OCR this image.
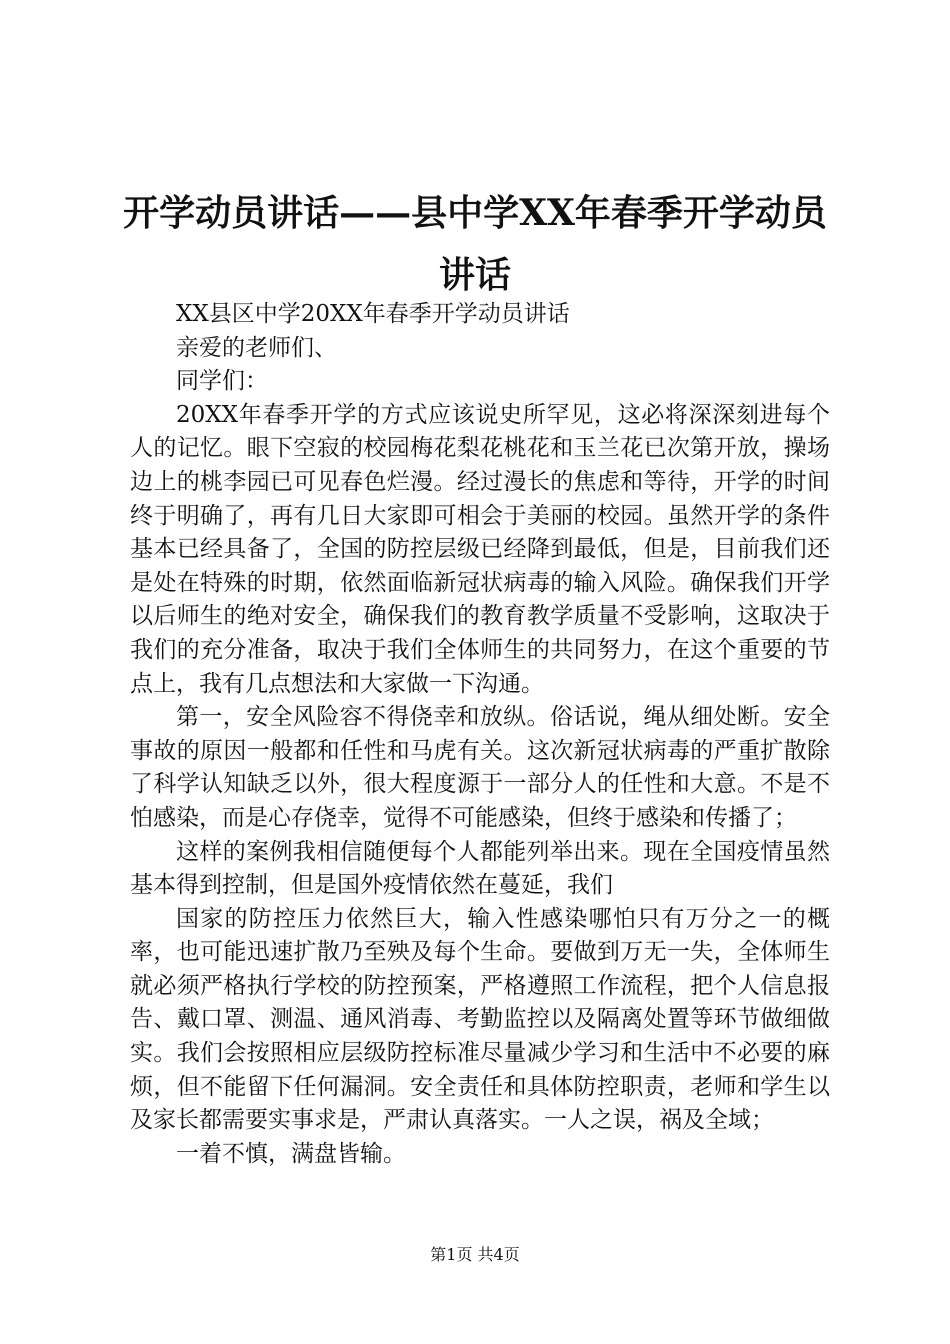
开学动员讲话——县中学XX年春季开学动员讲话

XX县区中学20XX年春季开学动员讲话

亲爱的老师们、

同学们：

20XX年春季开学的方式应该说史所罕见，这必将深深刻进每个人的记忆。眼下空寂的校园梅花梨花桃花和玉兰花已次第开放，操场边上的桃李园已可见春色烂漫。经过漫长的焦虑和等待，开学的时间终于明确了，再有几日大家即可相会于美丽的校园。虽然开学的条件基本已经具备了，全国的防控层级已经降到最低，但是，目前我们还是处在特殊的时期，依然面临新冠状病毒的输入风险。确保我们开学以后师生的绝对安全，确保我们的教育教学质量不受影响，这取决于我们的充分准备，取决于我们全体师生的共同努力，在这个重要的节点上，我有几点想法和大家做一下沟通。

第一，安全风险容不得侥幸和放纵。俗话说，绳从细处断。安全事故的原因一般都和任性和马虎有关。这次新冠状病毒的严重扩散除了科学认知缺乏以外，很大程度源于一部分人的任性和大意。不是不怕感染，而是心存侥幸，觉得不可能感染，但终于感染和传播了；

这样的案例我相信随便每个人都能列举出来。现在全国疫情虽然基本得到控制，但是国外疫情依然在蔓延，我们

国家的防控压力依然巨大，输入性感染哪怕只有万分之一的概率，也可能迅速扩散乃至殃及每个生命。要做到万无一失，全体师生就必须严格执行学校的防控预案，严格遵照工作流程，把个人信息报告、戴口罩、测温、通风消毒、考勤监控以及隔离处置等环节做细做实。我们会按照相应层级防控标准尽量减少学习和生活中不必要的麻烦，但不能留下任何漏洞。安全责任和具体防控职责，老师和学生以及家长都需要实事求是，严肃认真落实。一人之误，祸及全域；

一着不慎，满盘皆输。

第1页 共4页
